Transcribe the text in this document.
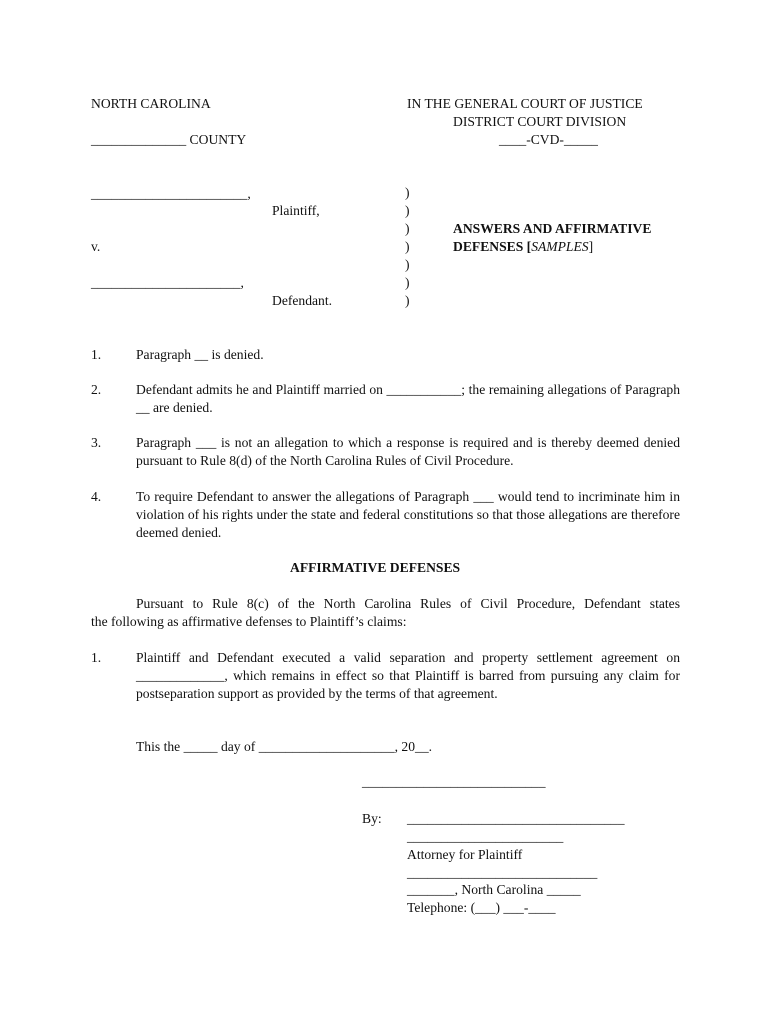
NORTH CAROLINA
______________ COUNTY
IN THE GENERAL COURT OF JUSTICE
DISTRICT COURT DIVISION
____-CVD-_____
_______________________,
Plaintiff,
v.
______________________,
Defendant.
)
)
)
)
)
)
)
ANSWERS AND AFFIRMATIVE
DEFENSES [SAMPLES]
1.	Paragraph __ is denied.
2.	Defendant admits he and Plaintiff married on ___________; the remaining allegations of Paragraph __ are denied.
3.	Paragraph ___ is not an allegation to which a response is required and is thereby deemed denied pursuant to Rule 8(d) of the North Carolina Rules of Civil Procedure.
4.	To require Defendant to answer the allegations of Paragraph ___ would tend to incriminate him in violation of his rights under the state and federal constitutions so that those allegations are therefore deemed denied.
AFFIRMATIVE DEFENSES
Pursuant to Rule 8(c) of the North Carolina Rules of Civil Procedure, Defendant states
the following as affirmative defenses to Plaintiff’s claims:
1.	Plaintiff and Defendant executed a valid separation and property settlement agreement on _____________, which remains in effect so that Plaintiff is barred from pursuing any claim for postseparation support as provided by the terms of that agreement.
This the _____ day of ____________________, 20__.
___________________________
By: ________________________________
_______________________
Attorney for Plaintiff
____________________________
_______, North Carolina _____
Telephone: (___) ___-____
